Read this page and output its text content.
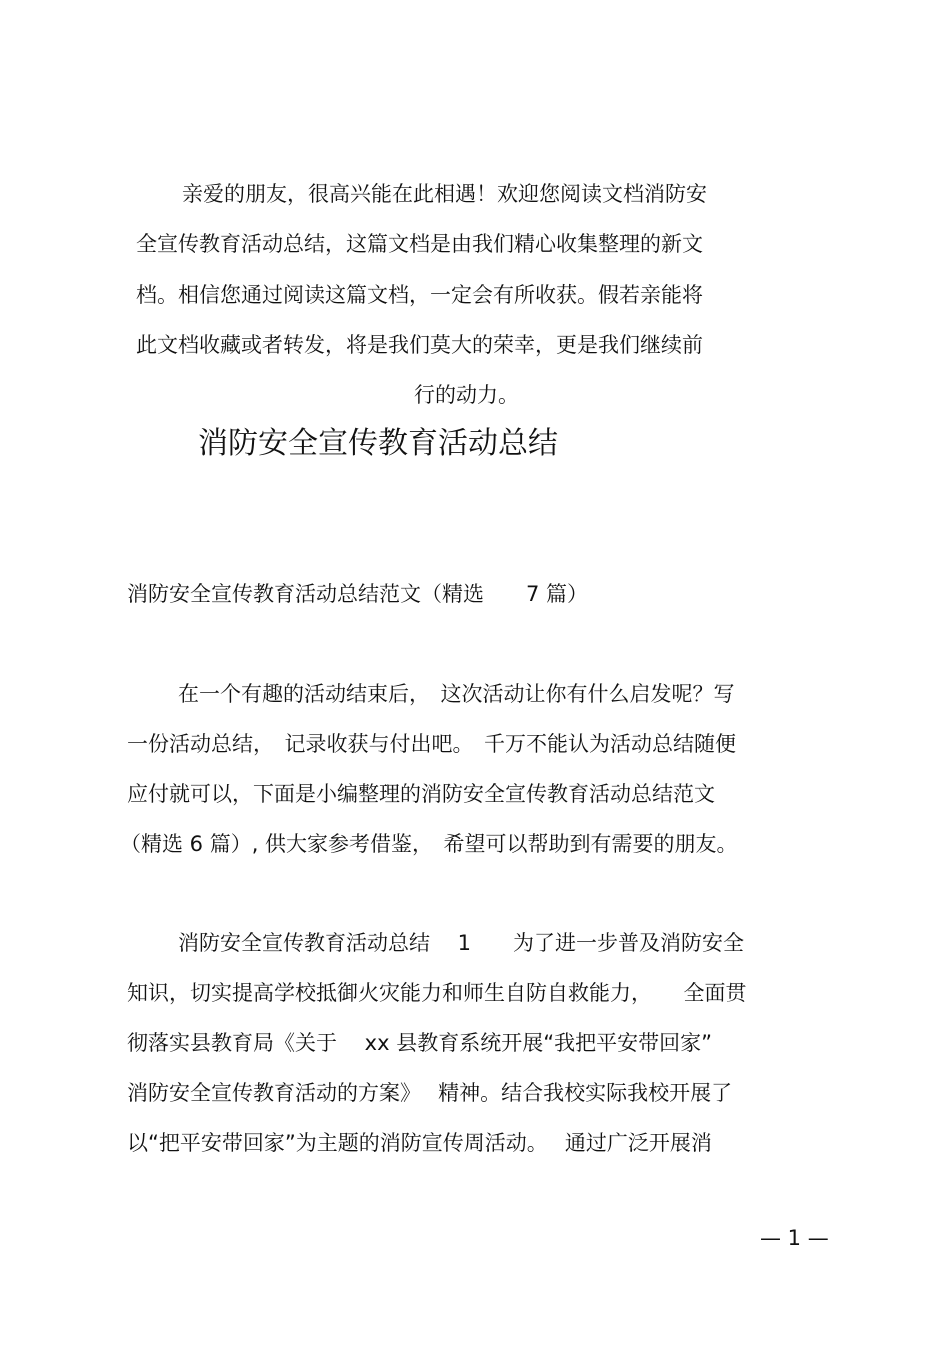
亲爱的朋友，很高兴能在此相遇！欢迎您阅读文档消防安
全宣传教育活动总结，这篇文档是由我们精心收集整理的新文
档。相信您通过阅读这篇文档，一定会有所收获。假若亲能将
此文档收藏或者转发，将是我们莫大的荣幸，更是我们继续前
行的动力。
消防安全宣传教育活动总结
消防安全宣传教育活动总结范文（精选　　7 篇）
在一个有趣的活动结束后，　这次活动让你有什么启发呢？写
一份活动总结，　记录收获与付出吧。　千万不能认为活动总结随便
应付就可以，下面是小编整理的消防安全宣传教育活动总结范文
（精选 6 篇）, 供大家参考借鉴，　希望可以帮助到有需要的朋友。
消防安全宣传教育活动总结　 1　　为了进一步普及消防安全
知识，切实提高学校抵御火灾能力和师生自防自救能力，　　全面贯
彻落实县教育局《关于　 xx 县教育系统开展“我把平安带回家”
消防安全宣传教育活动的方案》　 精神。结合我校实际我校开展了
以“把平安带回家”为主题的消防宣传周活动。　 通过广泛开展消
— 1 —
